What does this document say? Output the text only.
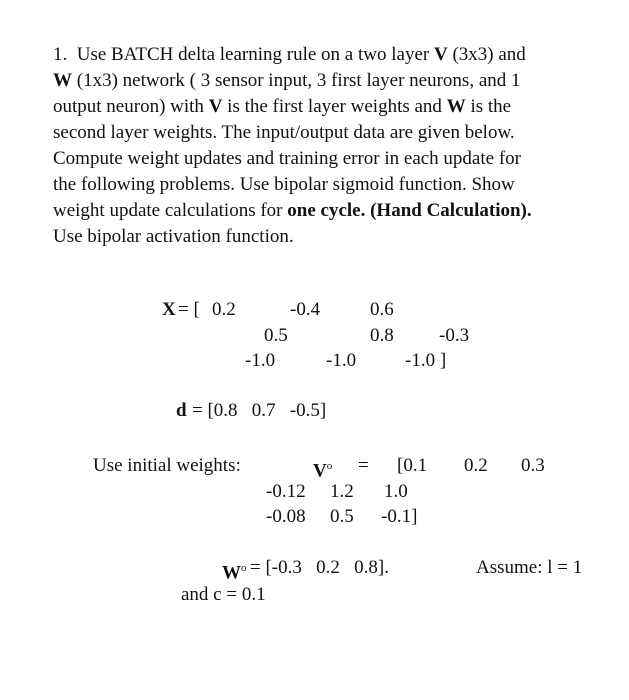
1.  Use BATCH delta learning rule on a two layer V (3x3) and
W (1x3) network ( 3 sensor input, 3 first layer neurons, and 1
output neuron) with V is the first layer weights and W is the
second layer weights. The input/output data are given below.
Compute weight updates and training error in each update for
the following problems. Use bipolar sigmoid function. Show
weight update calculations for one cycle. (Hand Calculation).
Use bipolar activation function.
X = [ 0.2	-0.4	0.6
0.5	0.8 -0.3
-1.0	-1.0	-1.0 ]
d = [0.8   0.7   -0.5]
Use initial weights:	$V^o = [0.1$ 0.2 0.3
-0.12 1.2 1.0
-0.08 0.5 -0.1]
$W^o = [-0.3$   0.2   0.8].	Assume: l = 1
and c = 0.1
